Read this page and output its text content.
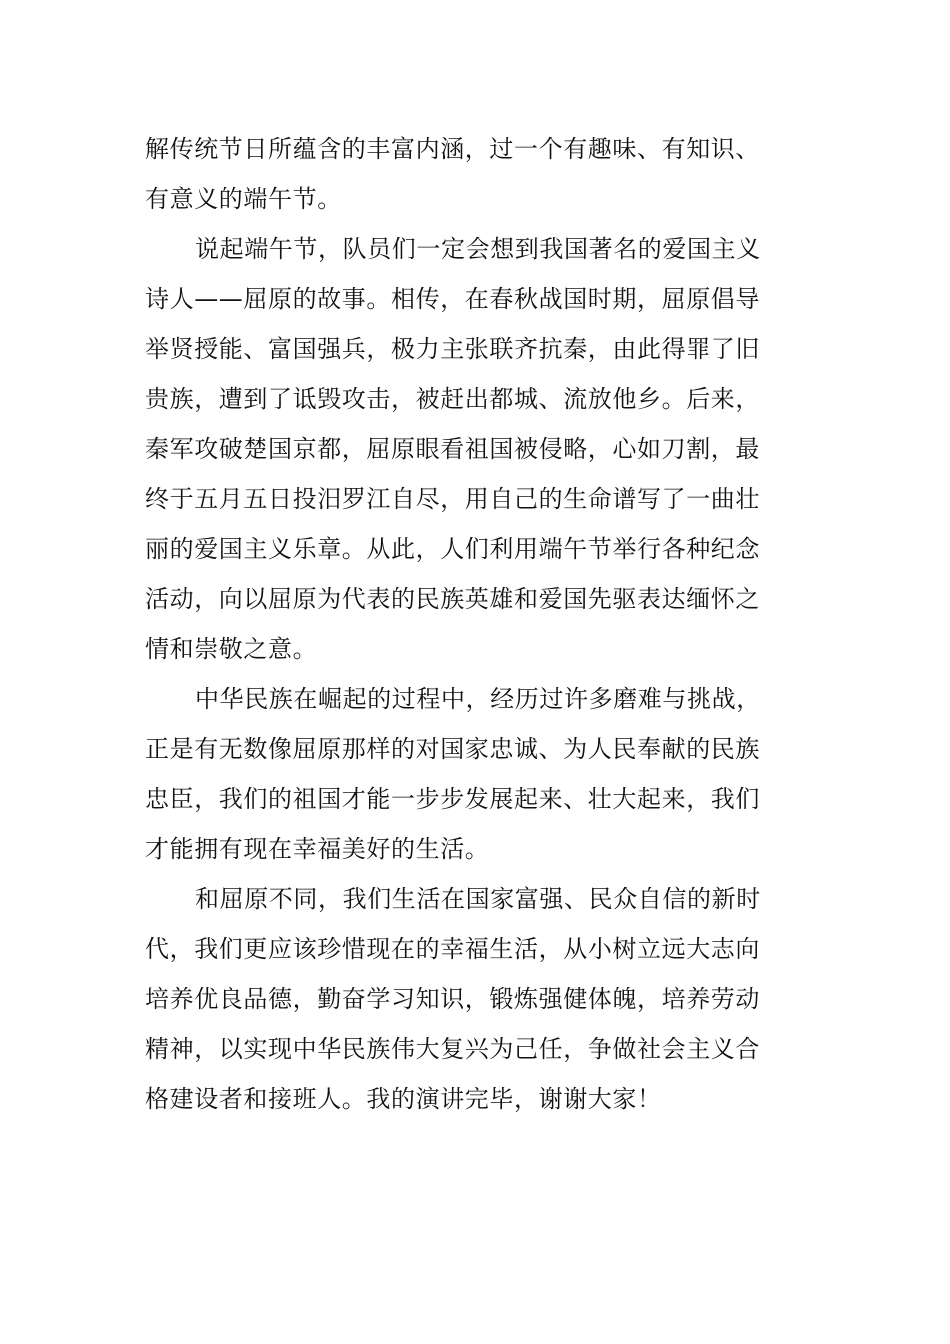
解传统节日所蕴含的丰富内涵，过一个有趣味、有知识、
有意义的端午节。
说起端午节，队员们一定会想到我国著名的爱国主义
诗人——屈原的故事。相传，在春秋战国时期，屈原倡导
举贤授能、富国强兵，极力主张联齐抗秦，由此得罪了旧
贵族，遭到了诋毁攻击，被赶出都城、流放他乡。后来，
秦军攻破楚国京都，屈原眼看祖国被侵略，心如刀割，最
终于五月五日投汨罗江自尽，用自己的生命谱写了一曲壮
丽的爱国主义乐章。从此，人们利用端午节举行各种纪念
活动，向以屈原为代表的民族英雄和爱国先驱表达缅怀之
情和崇敬之意。
中华民族在崛起的过程中，经历过许多磨难与挑战，
正是有无数像屈原那样的对国家忠诚、为人民奉献的民族
忠臣，我们的祖国才能一步步发展起来、壮大起来，我们
才能拥有现在幸福美好的生活。
和屈原不同，我们生活在国家富强、民众自信的新时
代，我们更应该珍惜现在的幸福生活，从小树立远大志向
培养优良品德，勤奋学习知识，锻炼强健体魄，培养劳动
精神，以实现中华民族伟大复兴为己任，争做社会主义合
格建设者和接班人。我的演讲完毕，谢谢大家！
